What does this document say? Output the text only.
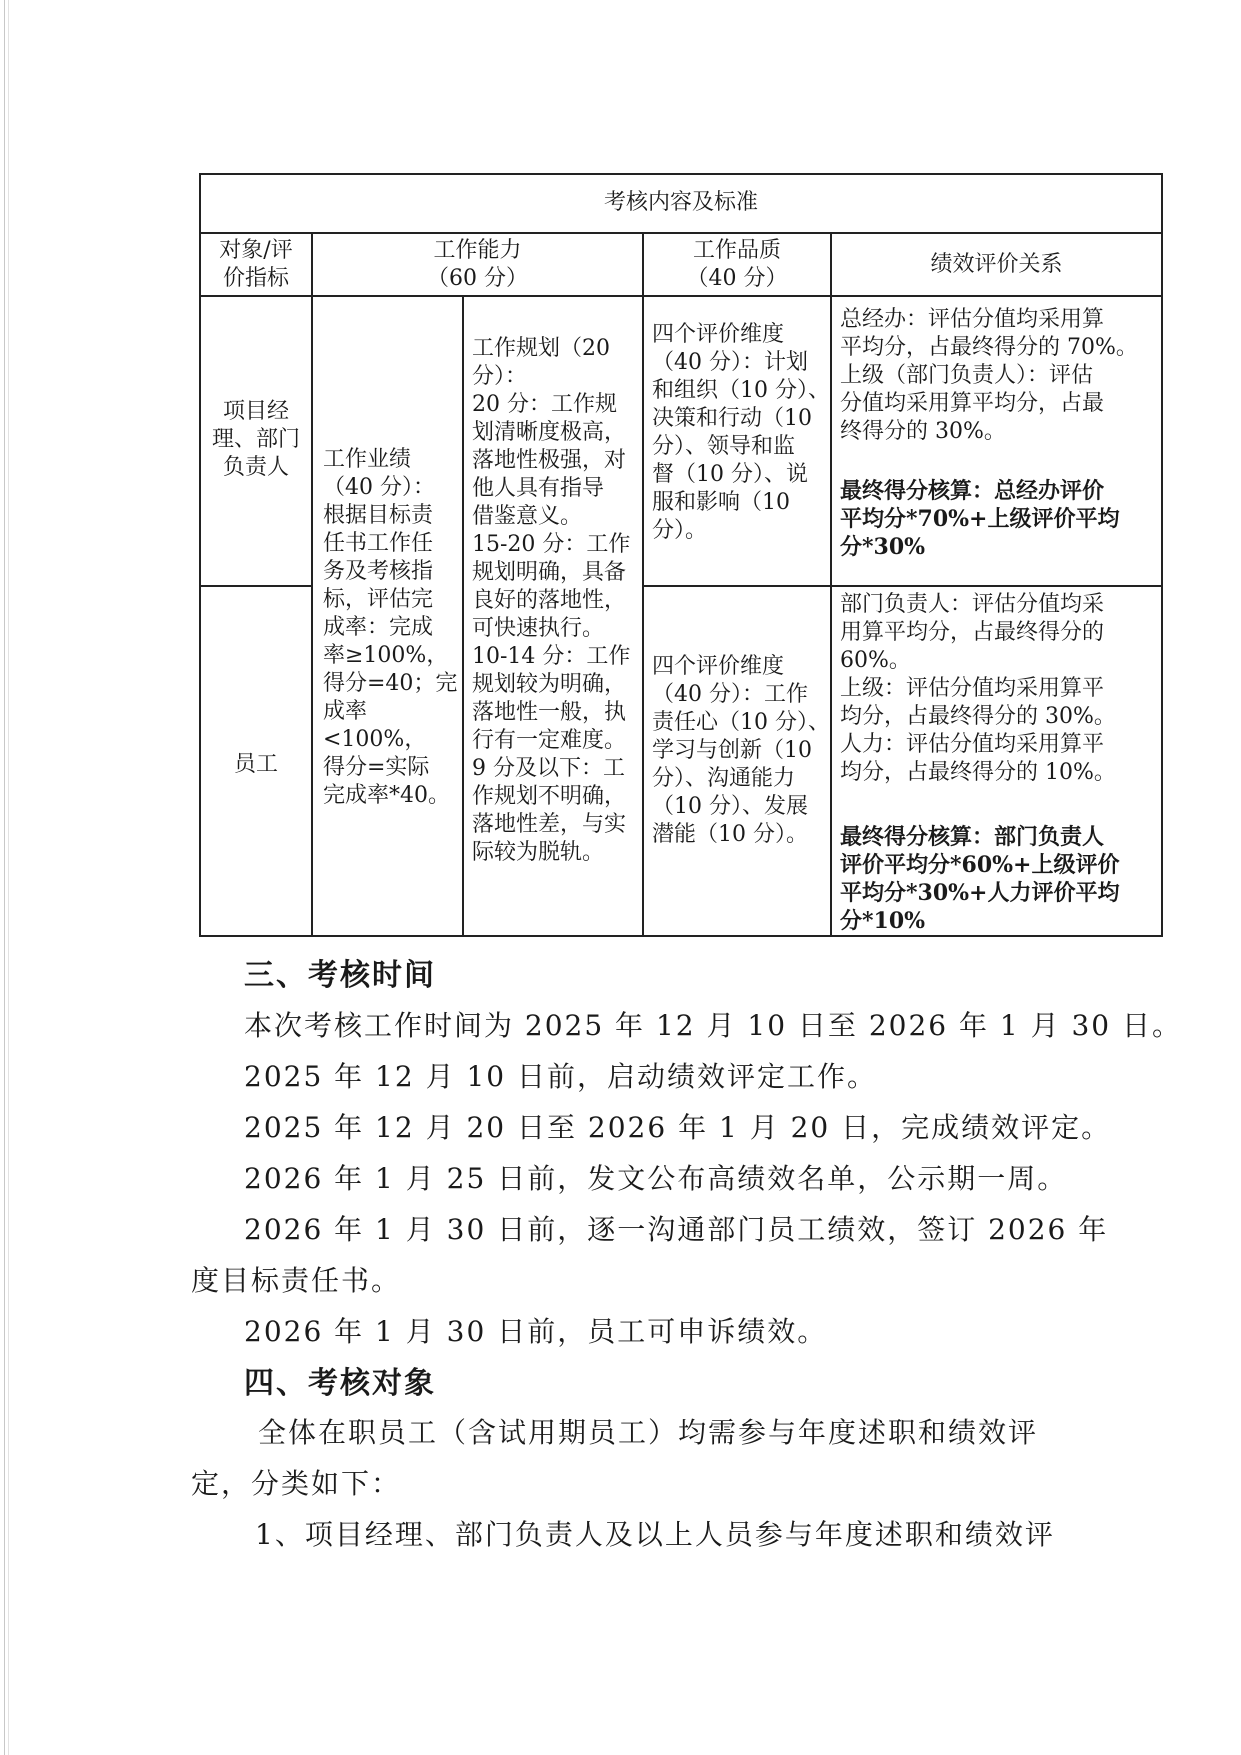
考核内容及标准
对象/评
价指标
工作能力
（60 分）
工作品质
（40 分）
绩效评价关系
项目经
理、部门
负责人
员工
工作业绩
（40 分）：
根据目标责
任书工作任
务及考核指
标，评估完
成率：完成
率≥100%，
得分=40；完
成率<100%，
得分=实际
完成率*40。
工作规划（20
分）：
20 分：工作规
划清晰度极高，
落地性极强，对
他人具有指导
借鉴意义。
15-20 分：工作
规划明确，具备
良好的落地性，
可快速执行。
10-14 分：工作
规划较为明确，
落地性一般，执
行有一定难度。
9 分及以下：工
作规划不明确，
落地性差，与实
际较为脱轨。
四个评价维度
（40 分）：计划
和组织（10 分）、
决策和行动（10
分）、领导和监
督（10 分）、说
服和影响（10
分）。
四个评价维度
（40 分）：工作
责任心（10 分）、
学习与创新（10
分）、沟通能力
（10 分）、发展
潜能（10 分）。
总经办：评估分值均采用算
平均分，占最终得分的 70%。
上级（部门负责人）：评估
分值均采用算平均分，占最
终得分的 30%。
最终得分核算：总经办评价
平均分*70%+上级评价平均
分*30%
部门负责人：评估分值均采
用算平均分，占最终得分的
60%。
上级：评估分值均采用算平
均分，占最终得分的 30%。
人力：评估分值均采用算平
均分，占最终得分的 10%。
最终得分核算：部门负责人
评价平均分*60%+上级评价
平均分*30%+人力评价平均
分*10%
三、考核时间
本次考核工作时间为 2025 年 12 月 10 日至 2026 年 1 月 30 日。
2025 年 12 月 10 日前，启动绩效评定工作。
2025 年 12 月 20 日至 2026 年 1 月 20 日，完成绩效评定。
2026 年 1 月 25 日前，发文公布高绩效名单，公示期一周。
2026 年 1 月 30 日前，逐一沟通部门员工绩效，签订 2026 年
度目标责任书。
2026 年 1 月 30 日前，员工可申诉绩效。
四、考核对象
全体在职员工（含试用期员工）均需参与年度述职和绩效评
定，分类如下：
1、项目经理、部门负责人及以上人员参与年度述职和绩效评
